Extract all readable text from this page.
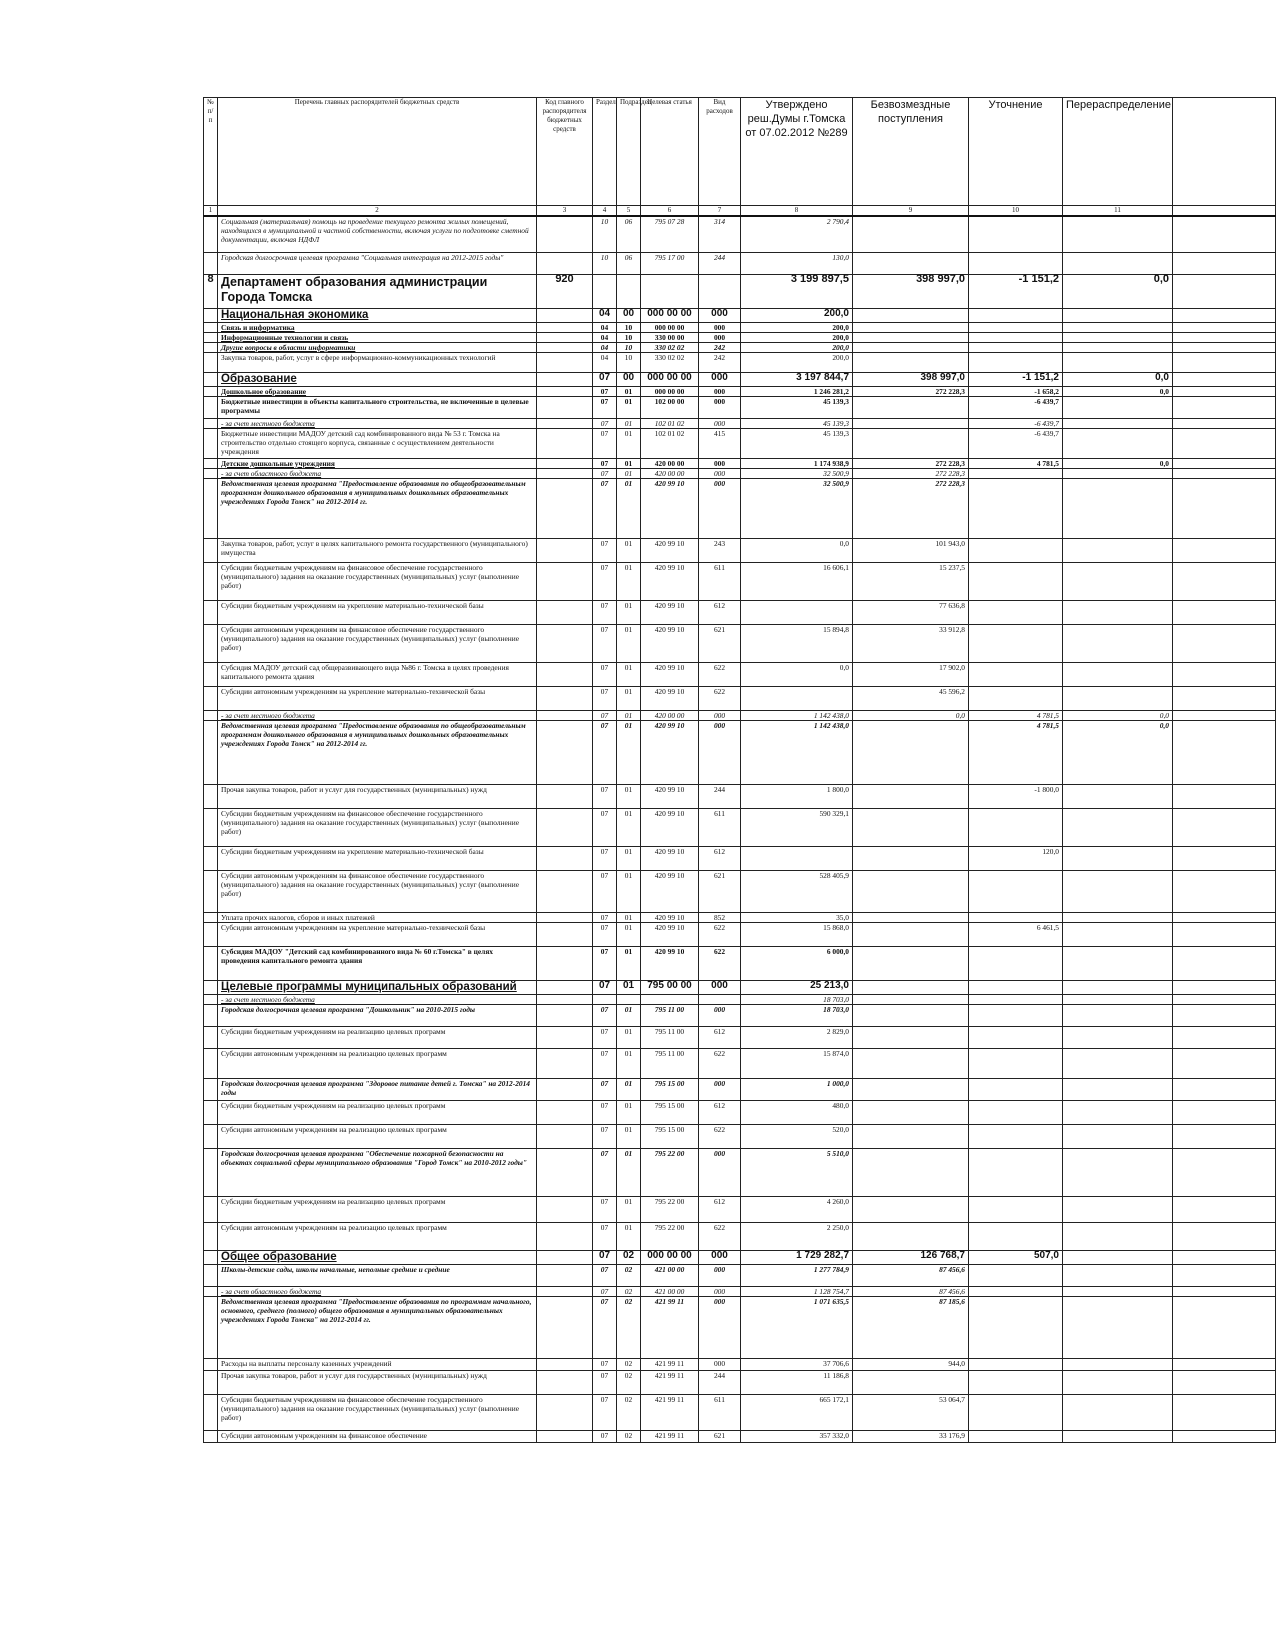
№ п/п	Перечень главных распорядителей бюджетных средств	Код главного распорядителя бюджетных средств	Раздел	Подраздел	Целевая статья	Вид расходов	Утверждено реш.Думы г.Томска от 07.02.2012 №289	Безвозмездные поступления	Уточнение	Перераспределение	
1	2	3	4	5	6	7	8	9	10	11	
	Социальная (материальная) помощь на проведение текущего ремонта жилых помещений, находящихся в муниципальной и частной собственности, включая услуги по подготовке сметной документации, включая НДФЛ		10	06	795 07 28	314	2 790,4				
	Городская долгосрочная целевая программа "Социальная интеграция на 2012-2015 годы"		10	06	795 17 00	244	130,0				
8	Департамент образования администрации Города Томска	920					3 199 897,5	398 997,0	-1 151,2	0,0	
	Национальная экономика		04	00	000 00 00	000	200,0				
	Связь и информатика		04	10	000 00 00	000	200,0				
	Информационные технологии и связь		04	10	330 00 00	000	200,0				
	Другие вопросы в области информатики		04	10	330 02 02	242	200,0				
	Закупка товаров, работ, услуг в сфере информационно-коммуникационных технологий		04	10	330 02 02	242	200,0				
	Образование		07	00	000 00 00	000	3 197 844,7	398 997,0	-1 151,2	0,0	
	Дошкольное образование		07	01	000 00 00	000	1 246 281,2	272 228,3	-1 658,2	0,0	
	Бюджетные инвестиции в объекты капитального строительства, не включенные в целевые программы		07	01	102 00 00	000	45 139,3		-6 439,7		
	- за счет местного бюджета		07	01	102 01 02	000	45 139,3		-6 439,7		
	Бюджетные инвестиции МАДОУ детский сад комбинированного вида № 53 г. Томска на строительство отдельно стоящего корпуса, связанные с осуществлением деятельности учреждения		07	01	102 01 02	415	45 139,3		-6 439,7		
	Детские дошкольные учреждения		07	01	420 00 00	000	1 174 938,9	272 228,3	4 781,5	0,0	
	- за счет областного бюджета		07	01	420 00 00	000	32 500,9	272 228,3			
	Ведомственная целевая программа "Предоставление образования по общеобразовательным программам дошкольного образования в муниципальных дошкольных образовательных учреждениях Города Томск" на 2012-2014 гг.		07	01	420 99 10	000	32 500,9	272 228,3			
	Закупка товаров, работ, услуг в целях капитального ремонта государственного (муниципального) имущества		07	01	420 99 10	243	0,0	101 943,0			
	Субсидии бюджетным учреждениям на финансовое обеспечение государственного (муниципального) задания на оказание государственных (муниципальных) услуг (выполнение работ)		07	01	420 99 10	611	16 606,1	15 237,5			
	Субсидии бюджетным учреждениям на укрепление материально-технической базы		07	01	420 99 10	612		77 636,8			
	Субсидии автономным учреждениям на финансовое обеспечение государственного (муниципального) задания на оказание государственных (муниципальных) услуг (выполнение работ)		07	01	420 99 10	621	15 894,8	33 912,8			
	Субсидия МАДОУ детский сад общеразвивающего вида №86 г. Томска в целях проведения капитального ремонта здания		07	01	420 99 10	622	0,0	17 902,0			
	Субсидии автономным учреждениям на укрепление материально-технической базы		07	01	420 99 10	622		45 596,2			
	- за счет местного бюджета		07	01	420 00 00	000	1 142 438,0	0,0	4 781,5	0,0	
	Ведомственная целевая программа "Предоставление образования по общеобразовательным программам дошкольного образования в муниципальных дошкольных образовательных учреждениях Города Томск" на 2012-2014 гг.		07	01	420 99 10	000	1 142 438,0		4 781,5	0,0	
	Прочая закупка товаров, работ и услуг для государственных (муниципальных) нужд		07	01	420 99 10	244	1 800,0		-1 800,0		
	Субсидии бюджетным учреждениям на финансовое обеспечение государственного (муниципального) задания на оказание государственных (муниципальных) услуг (выполнение работ)		07	01	420 99 10	611	590 329,1				
	Субсидии бюджетным учреждениям на укрепление материально-технической базы		07	01	420 99 10	612			120,0		
	Субсидии автономным учреждениям на финансовое обеспечение государственного (муниципального) задания на оказание государственных (муниципальных) услуг (выполнение работ)		07	01	420 99 10	621	528 405,9				
	Уплата прочих налогов, сборов и иных платежей		07	01	420 99 10	852	35,0				
	Субсидии автономным учреждениям на укрепление материально-технической базы		07	01	420 99 10	622	15 868,0		6 461,5		
	Субсидия МАДОУ "Детский сад комбинированного вида № 60 г.Томска" в целях проведения капитального ремонта здания		07	01	420 99 10	622	6 000,0				
	Целевые программы муниципальных образований		07	01	795 00 00	000	25 213,0				
	- за счет местного бюджета						18 703,0				
	Городская долгосрочная целевая программа "Дошкольник" на 2010-2015 годы		07	01	795 11 00	000	18 703,0				
	Субсидии бюджетным учреждениям на реализацию целевых программ		07	01	795 11 00	612	2 829,0				
	Субсидии автономным учреждениям на реализацию целевых программ		07	01	795 11 00	622	15 874,0				
	Городская долгосрочная целевая программа "Здоровое питание детей г. Томска" на 2012-2014 годы		07	01	795 15 00	000	1 000,0				
	Субсидии бюджетным учреждениям на реализацию целевых программ		07	01	795 15 00	612	480,0				
	Субсидии автономным учреждениям на реализацию целевых программ		07	01	795 15 00	622	520,0				
	Городская долгосрочная целевая программа "Обеспечение пожарной безопасности на объектах социальной сферы муниципального образования "Город Томск" на 2010-2012 годы"		07	01	795 22 00	000	5 510,0				
	Субсидии бюджетным учреждениям на реализацию целевых программ		07	01	795 22 00	612	4 260,0				
	Субсидии автономным учреждениям на реализацию целевых программ		07	01	795 22 00	622	2 250,0				
	Общее образование		07	02	000 00 00	000	1 729 282,7	126 768,7	507,0		
	Школы-детские сады, школы начальные, неполные средние и средние		07	02	421 00 00	000	1 277 784,9	87 456,6			
	- за счет областного бюджета		07	02	421 00 00	000	1 128 754,7	87 456,6			
	Ведомственная целевая программа "Предоставление образования по программам начального, основного, среднего (полного) общего образования в муниципальных образовательных учреждениях Города Томска" на 2012-2014 гг.		07	02	421 99 11	000	1 071 635,5	87 185,6			
	Расходы на выплаты персоналу казенных учреждений		07	02	421 99 11	000	37 706,6	944,0			
	Прочая закупка товаров, работ и услуг для государственных (муниципальных) нужд		07	02	421 99 11	244	11 186,8				
	Субсидии бюджетным учреждениям на финансовое обеспечение государственного (муниципального) задания на оказание государственных (муниципальных) услуг (выполнение работ)		07	02	421 99 11	611	665 172,1	53 064,7			
	Субсидии автономным учреждениям на финансовое обеспечение		07	02	421 99 11	621	357 332,0	33 176,9			
